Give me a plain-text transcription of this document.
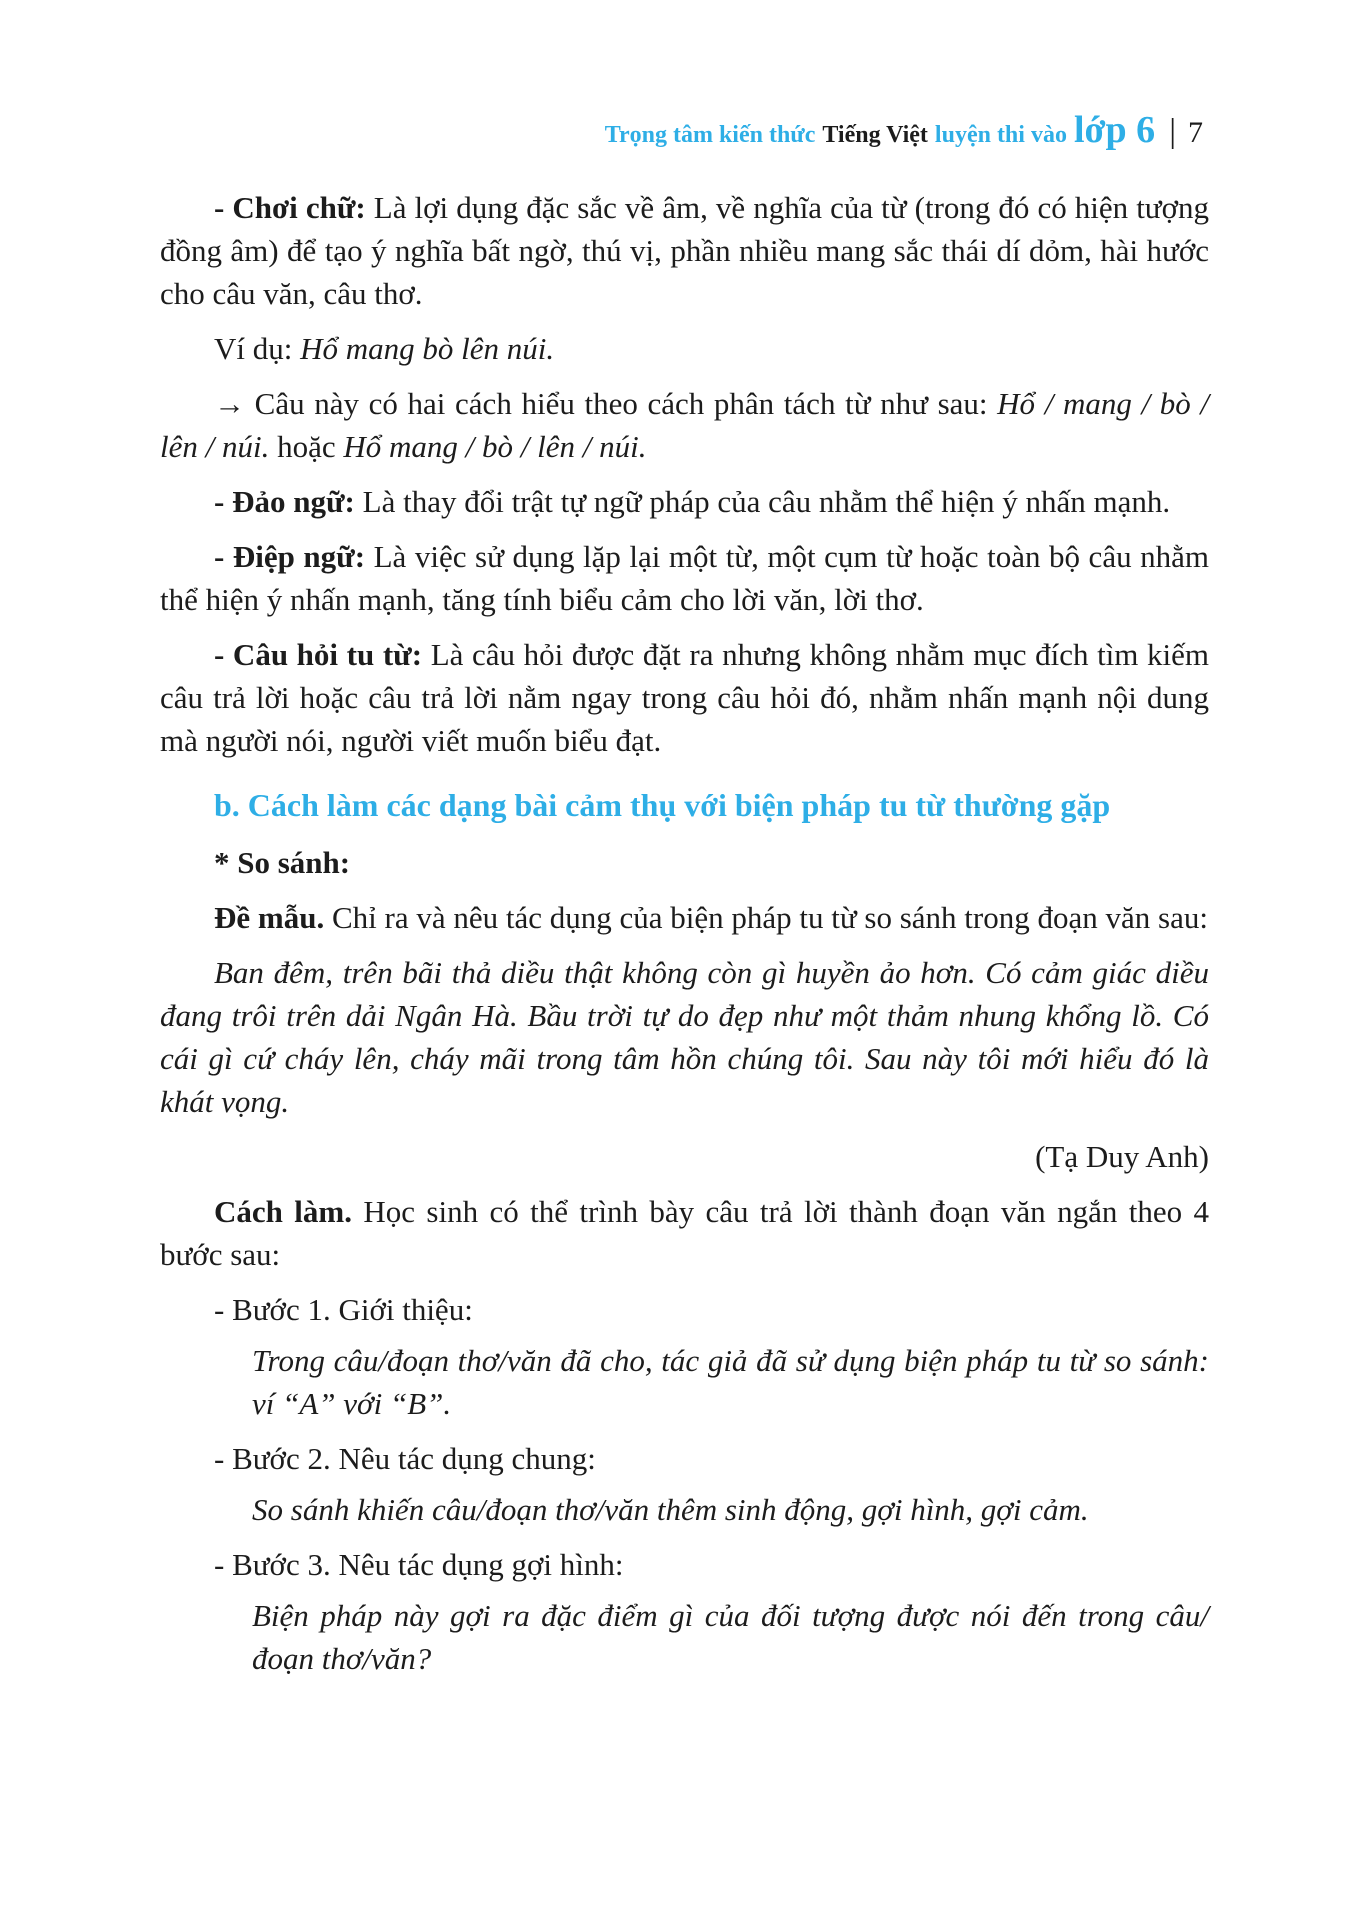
Trọng tâm kiến thức Tiếng Việt luyện thi vào lớp 6 | 7

- Chơi chữ: Là lợi dụng đặc sắc về âm, về nghĩa của từ (trong đó có hiện tượng đồng âm) để tạo ý nghĩa bất ngờ, thú vị, phần nhiều mang sắc thái dí dỏm, hài hước cho câu văn, câu thơ.

Ví dụ: Hổ mang bò lên núi.

→ Câu này có hai cách hiểu theo cách phân tách từ như sau: Hổ / mang / bò / lên / núi. hoặc Hổ mang / bò / lên / núi.

- Đảo ngữ: Là thay đổi trật tự ngữ pháp của câu nhằm thể hiện ý nhấn mạnh.

- Điệp ngữ: Là việc sử dụng lặp lại một từ, một cụm từ hoặc toàn bộ câu nhằm thể hiện ý nhấn mạnh, tăng tính biểu cảm cho lời văn, lời thơ.

- Câu hỏi tu từ: Là câu hỏi được đặt ra nhưng không nhằm mục đích tìm kiếm câu trả lời hoặc câu trả lời nằm ngay trong câu hỏi đó, nhằm nhấn mạnh nội dung mà người nói, người viết muốn biểu đạt.

b. Cách làm các dạng bài cảm thụ với biện pháp tu từ thường gặp

* So sánh:

Đề mẫu. Chỉ ra và nêu tác dụng của biện pháp tu từ so sánh trong đoạn văn sau:

Ban đêm, trên bãi thả diều thật không còn gì huyền ảo hơn. Có cảm giác diều đang trôi trên dải Ngân Hà. Bầu trời tự do đẹp như một thảm nhung khổng lồ. Có cái gì cứ cháy lên, cháy mãi trong tâm hồn chúng tôi. Sau này tôi mới hiểu đó là khát vọng.

(Tạ Duy Anh)

Cách làm. Học sinh có thể trình bày câu trả lời thành đoạn văn ngắn theo 4 bước sau:

- Bước 1. Giới thiệu:

Trong câu/đoạn thơ/văn đã cho, tác giả đã sử dụng biện pháp tu từ so sánh: ví “A” với “B”.

- Bước 2. Nêu tác dụng chung:

So sánh khiến câu/đoạn thơ/văn thêm sinh động, gợi hình, gợi cảm.

- Bước 3. Nêu tác dụng gợi hình:

Biện pháp này gợi ra đặc điểm gì của đối tượng được nói đến trong câu/đoạn thơ/văn?
